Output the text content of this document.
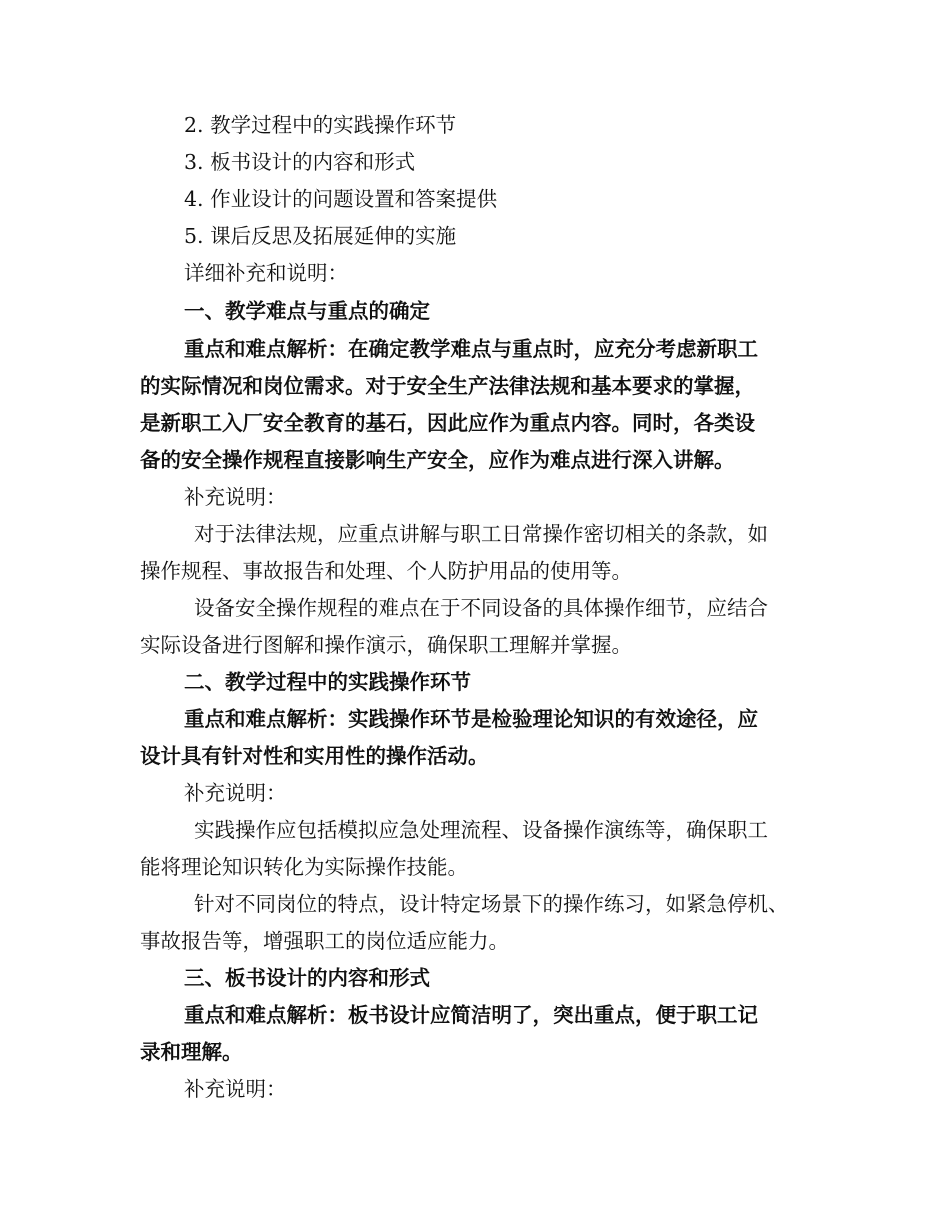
2. 教学过程中的实践操作环节

3. 板书设计的内容和形式

4. 作业设计的问题设置和答案提供

5. 课后反思及拓展延伸的实施

详细补充和说明：

一、教学难点与重点的确定

重点和难点解析：在确定教学难点与重点时，应充分考虑新职工

的实际情况和岗位需求。对于安全生产法律法规和基本要求的掌握，

是新职工入厂安全教育的基石，因此应作为重点内容。同时，各类设

备的安全操作规程直接影响生产安全，应作为难点进行深入讲解。

补充说明：

对于法律法规，应重点讲解与职工日常操作密切相关的条款，如

操作规程、事故报告和处理、个人防护用品的使用等。

设备安全操作规程的难点在于不同设备的具体操作细节，应结合

实际设备进行图解和操作演示，确保职工理解并掌握。

二、教学过程中的实践操作环节

重点和难点解析：实践操作环节是检验理论知识的有效途径，应

设计具有针对性和实用性的操作活动。

补充说明：

实践操作应包括模拟应急处理流程、设备操作演练等，确保职工

能将理论知识转化为实际操作技能。

针对不同岗位的特点，设计特定场景下的操作练习，如紧急停机、

事故报告等，增强职工的岗位适应能力。

三、板书设计的内容和形式

重点和难点解析：板书设计应简洁明了，突出重点，便于职工记

录和理解。

补充说明：
